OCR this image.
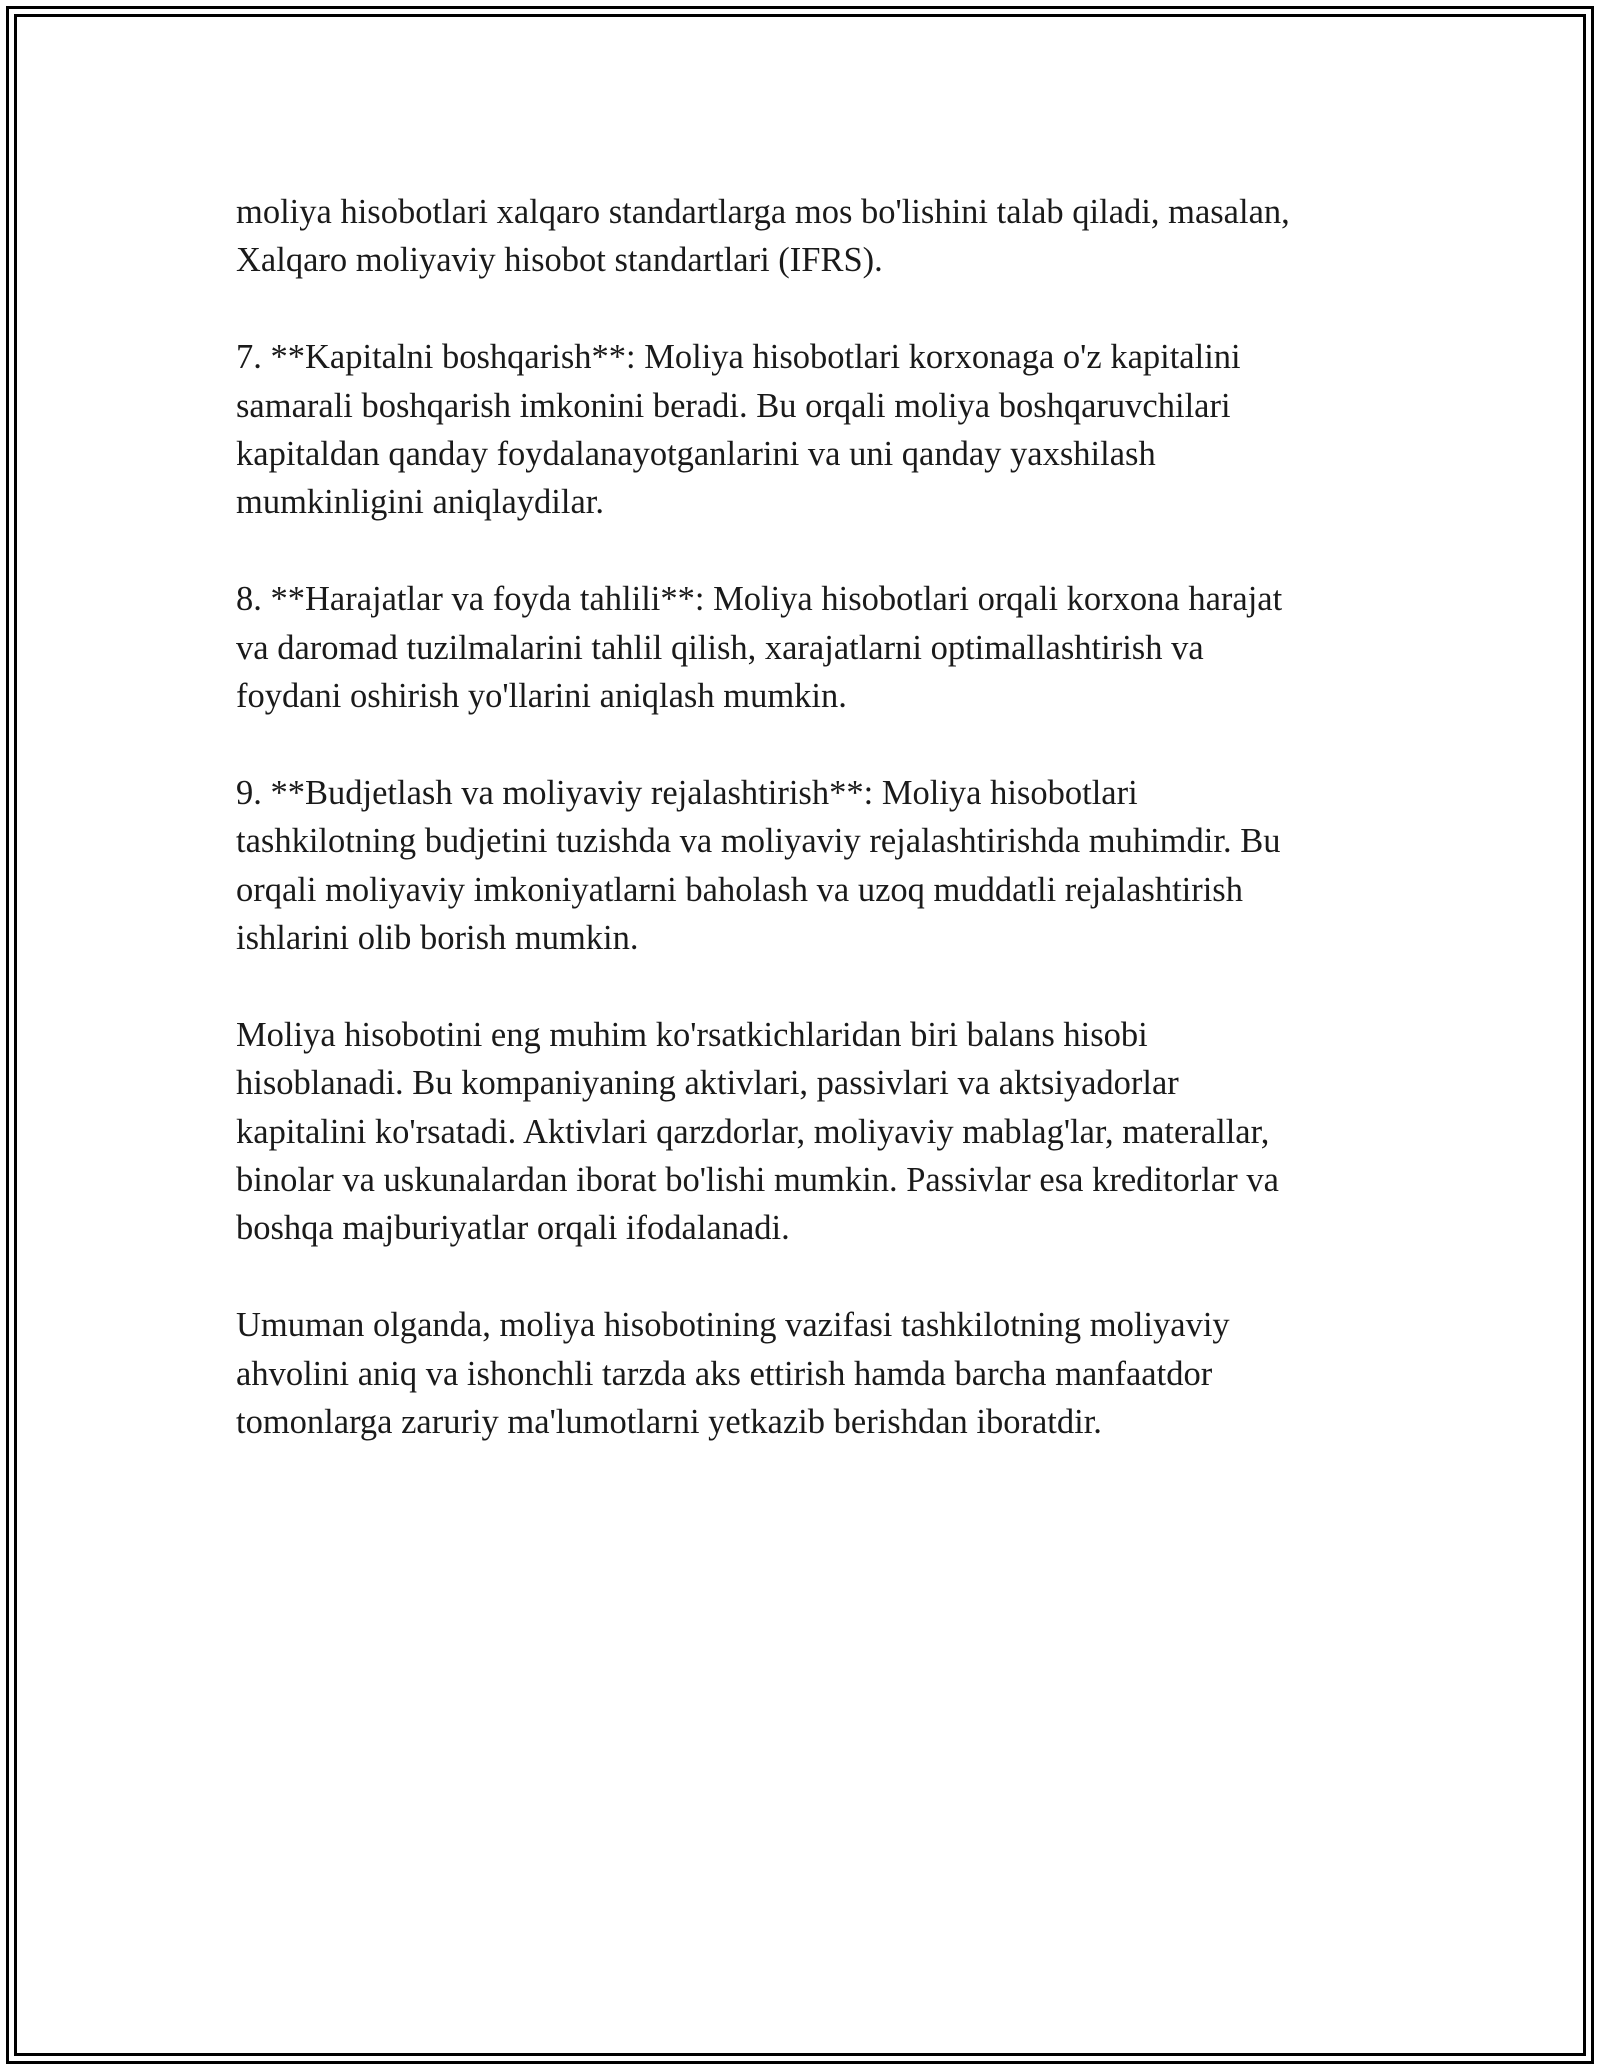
moliya hisobotlari xalqaro standartlarga mos bo'lishini talab qiladi, masalan,
Xalqaro moliyaviy hisobot standartlari (IFRS).

7. **Kapitalni boshqarish**: Moliya hisobotlari korxonaga o'z kapitalini
samarali boshqarish imkonini beradi. Bu orqali moliya boshqaruvchilari
kapitaldan qanday foydalanayotganlarini va uni qanday yaxshilash
mumkinligini aniqlaydilar.

8. **Harajatlar va foyda tahlili**: Moliya hisobotlari orqali korxona harajat
va daromad tuzilmalarini tahlil qilish, xarajatlarni optimallashtirish va
foydani oshirish yo'llarini aniqlash mumkin.

9. **Budjetlash va moliyaviy rejalashtirish**: Moliya hisobotlari
tashkilotning budjetini tuzishda va moliyaviy rejalashtirishda muhimdir. Bu
orqali moliyaviy imkoniyatlarni baholash va uzoq muddatli rejalashtirish
ishlarini olib borish mumkin.

Moliya hisobotini eng muhim ko'rsatkichlaridan biri balans hisobi
hisoblanadi. Bu kompaniyaning aktivlari, passivlari va aktsiyadorlar
kapitalini ko'rsatadi. Aktivlari qarzdorlar, moliyaviy mablag'lar, materallar,
binolar va uskunalardan iborat bo'lishi mumkin. Passivlar esa kreditorlar va
boshqa majburiyatlar orqali ifodalanadi.

Umuman olganda, moliya hisobotining vazifasi tashkilotning moliyaviy
ahvolini aniq va ishonchli tarzda aks ettirish hamda barcha manfaatdor
tomonlarga zaruriy ma'lumotlarni yetkazib berishdan iboratdir.
